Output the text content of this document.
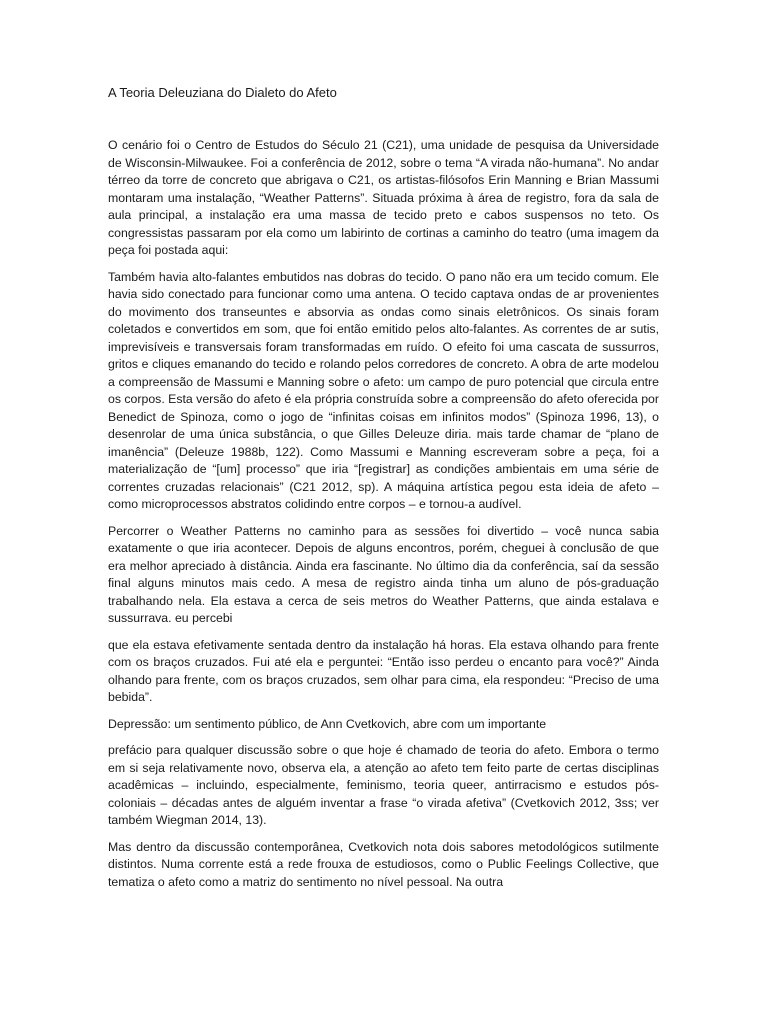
A Teoria Deleuziana do Dialeto do Afeto

O cenário foi o Centro de Estudos do Século 21 (C21), uma unidade de pesquisa da Universidade de Wisconsin-Milwaukee. Foi a conferência de 2012, sobre o tema “A virada não-humana”. No andar térreo da torre de concreto que abrigava o C21, os artistas-filósofos Erin Manning e Brian Massumi montaram uma instalação, “Weather Patterns”. Situada próxima à área de registro, fora da sala de aula principal, a instalação era uma massa de tecido preto e cabos suspensos no teto. Os congressistas passaram por ela como um labirinto de cortinas a caminho do teatro (uma imagem da peça foi postada aqui:

Também havia alto-falantes embutidos nas dobras do tecido. O pano não era um tecido comum. Ele havia sido conectado para funcionar como uma antena. O tecido captava ondas de ar provenientes do movimento dos transeuntes e absorvia as ondas como sinais eletrônicos. Os sinais foram coletados e convertidos em som, que foi então emitido pelos alto-falantes. As correntes de ar sutis, imprevisíveis e transversais foram transformadas em ruído. O efeito foi uma cascata de sussurros, gritos e cliques emanando do tecido e rolando pelos corredores de concreto. A obra de arte modelou a compreensão de Massumi e Manning sobre o afeto: um campo de puro potencial que circula entre os corpos. Esta versão do afeto é ela própria construída sobre a compreensão do afeto oferecida por Benedict de Spinoza, como o jogo de “infinitas coisas em infinitos modos” (Spinoza 1996, 13), o desenrolar de uma única substância, o que Gilles Deleuze diria. mais tarde chamar de “plano de imanência” (Deleuze 1988b, 122). Como Massumi e Manning escreveram sobre a peça, foi a materialização de “[um] processo” que iria “[registrar] as condições ambientais em uma série de correntes cruzadas relacionais” (C21 2012, sp). A máquina artística pegou esta ideia de afeto – como microprocessos abstratos colidindo entre corpos – e tornou-a audível.

Percorrer o Weather Patterns no caminho para as sessões foi divertido – você nunca sabia exatamente o que iria acontecer. Depois de alguns encontros, porém, cheguei à conclusão de que era melhor apreciado à distância. Ainda era fascinante. No último dia da conferência, saí da sessão final alguns minutos mais cedo. A mesa de registro ainda tinha um aluno de pós-graduação trabalhando nela. Ela estava a cerca de seis metros do Weather Patterns, que ainda estalava e sussurrava. eu percebi

que ela estava efetivamente sentada dentro da instalação há horas. Ela estava olhando para frente com os braços cruzados. Fui até ela e perguntei: “Então isso perdeu o encanto para você?” Ainda olhando para frente, com os braços cruzados, sem olhar para cima, ela respondeu: “Preciso de uma bebida”.

Depressão: um sentimento público, de Ann Cvetkovich, abre com um importante

prefácio para qualquer discussão sobre o que hoje é chamado de teoria do afeto. Embora o termo em si seja relativamente novo, observa ela, a atenção ao afeto tem feito parte de certas disciplinas acadêmicas – incluindo, especialmente, feminismo, teoria queer, antirracismo e estudos pós-coloniais – décadas antes de alguém inventar a frase “o virada afetiva” (Cvetkovich 2012, 3ss; ver também Wiegman 2014, 13).

Mas dentro da discussão contemporânea, Cvetkovich nota dois sabores metodológicos sutilmente distintos. Numa corrente está a rede frouxa de estudiosos, como o Public Feelings Collective, que tematiza o afeto como a matriz do sentimento no nível pessoal. Na outra
